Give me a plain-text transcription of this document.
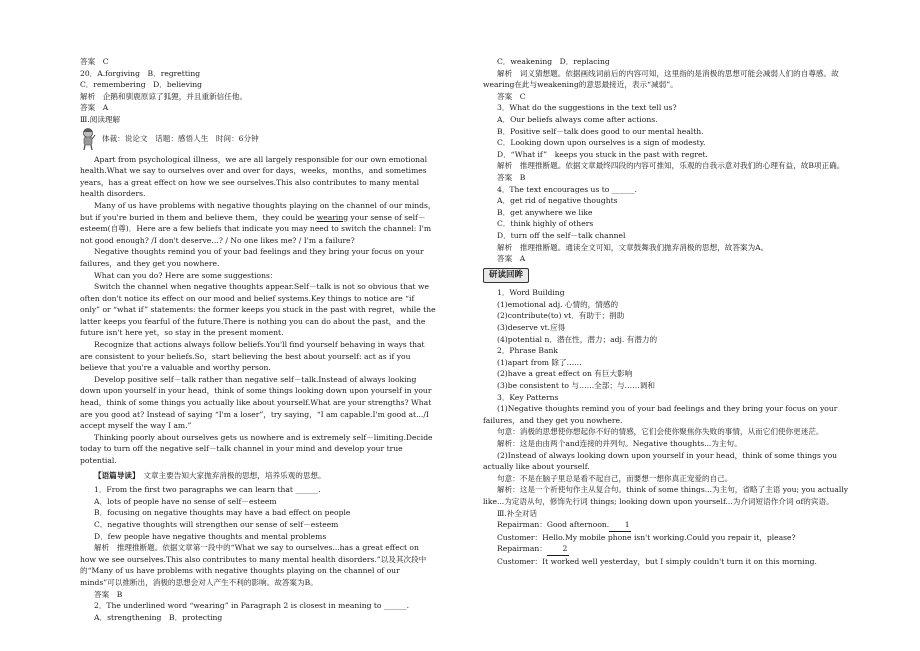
答案　C

20．A.forgiving　B．regretting

C．remembering　D．believing

解析　企鹅和驯鹿原谅了狐狸，并且重新信任他。

答案　A

Ⅲ.阅读理解

体裁：说论文　话题：感悟人生　时间：6分钟

Apart from psychological illness，we are all largely responsible for our own emotional health.What we say to ourselves over and over for days，weeks，months，and sometimes years，has a great effect on how we see ourselves.This also contributes to many mental health disorders.

Many of us have problems with negative thoughts playing on the channel of our minds，but if you're buried in them and believe them，they could be wearing your sense of self－esteem(自尊)．Here are a few beliefs that indicate you may need to switch the channel: I'm not good enough? /I don't deserve…? / No one likes me? / I'm a failure?

Negative thoughts remind you of your bad feelings and they bring your focus on your failures，and they get you nowhere.

What can you do? Here are some suggestions：

Switch the channel when negative thoughts appear.Self－talk is not so obvious that we often don't notice its effect on our mood and belief systems.Key things to notice are “if only” or “what if” statements: the former keeps you stuck in the past with regret，while the latter keeps you fearful of the future.There is nothing you can do about the past，and the future isn't here yet，so stay in the present moment.

Recognize that actions always follow beliefs.You'll find yourself behaving in ways that are consistent to your beliefs.So，start believing the best about yourself: act as if you believe that you're a valuable and worthy person.

Develop positive self－talk rather than negative self－talk.Instead of always looking down upon yourself in your head，think of some things looking down upon yourself in your head，think of some things you actually like about yourself.What are your strengths? What are you good at? Instead of saying “I'm a loser”，try saying，“I am capable.I'm good at.../I accept myself the way I am.”

Thinking poorly about ourselves gets us nowhere and is extremely self－limiting.Decide today to turn off the negative self－talk channel in your mind and develop your true potential.

【语篇导读】　文章主要告知大家抛弃消极的思想，培养乐观的思想。

1．From the first two paragraphs we can learn that ______.

A．lots of people have no sense of self－esteem

B．focusing on negative thoughts may have a bad effect on people

C．negative thoughts will strengthen our sense of self－esteem

D．few people have negative thoughts and mental problems

解析　推理推断题。依据文章第一段中的“What we say to ourselves...has a great effect on how we see ourselves.This also contributes to many mental health disorders.”以及其次段中的“Many of us have problems with negative thoughts playing on the channel of our minds”可以推断出，消极的思想会对人产生不利的影响。故答案为B。

答案　B

2．The underlined word “wearing” in Paragraph 2 is closest in meaning to ______.

A．strengthening　B．protecting

C．weakening　D．replacing

解析　词义猜想题。依据画线词前后的内容可知，这里指的是消极的思想可能会减弱人们的自尊感。故wearing在此与weakening的意思最接近，表示“减弱”。

答案　C

3．What do the suggestions in the text tell us?

A．Our beliefs always come after actions.

B．Positive self－talk does good to our mental health.

C．Looking down upon ourselves is a sign of modesty.

D．“What if”　keeps you stuck in the past with regret.

解析　推理推断题。依据文章最终四段的内容可推知，乐观的自我示意对我们的心理有益，故B项正确。

答案　B

4．The text encourages us to ______.

A．get rid of negative thoughts

B．get anywhere we like

C．think highly of others

D．turn off the self－talk channel

解析　推理推断题。通读全文可知，文章鼓舞我们抛弃消极的思想，故答案为A。

答案　A

研读回眸

1．Word Building

(1)emotional adj. 心情的，情感的

(2)contribute(to) vt．有助于；捐助

(3)deserve vt.应得

(4)potential n．潜在性，潜力；adj. 有潜力的

2．Phrase Bank

(1)apart from 除了……

(2)have a great effect on 有巨大影响

(3)be consistent to 与……全部；与……调和

3．Key Patterns

(1)Negative thoughts remind you of your bad feelings and they bring your focus on your failures，and they get you nowhere.

句意：消极的思想使你想起你不好的情感，它们会使你聚焦你失败的事情，从而它们使你更迷茫。

解析：这是由由两个and连接的并列句。Negative thoughts...为主句。

(2)Instead of always looking down upon yourself in your head，think of some things you actually like about yourself.

句意：不是在脑子里总是看不起自己，而要想一想你真正宠爱的自己。

解析：这是一个祈使句作主从复合句。think of some things...为主句，省略了主语 you; you actually like...为定语从句，修饰先行词 things; looking down upon yourself...为介词短语作介词 of的宾语。

Ⅲ.补全对话

Repairman：Good afternoon. 1

Customer：Hello.My mobile phone isn't working.Could you repair it，please?

Repairman： 2

Customer：It worked well yesterday，but I simply couldn't turn it on this morning.
